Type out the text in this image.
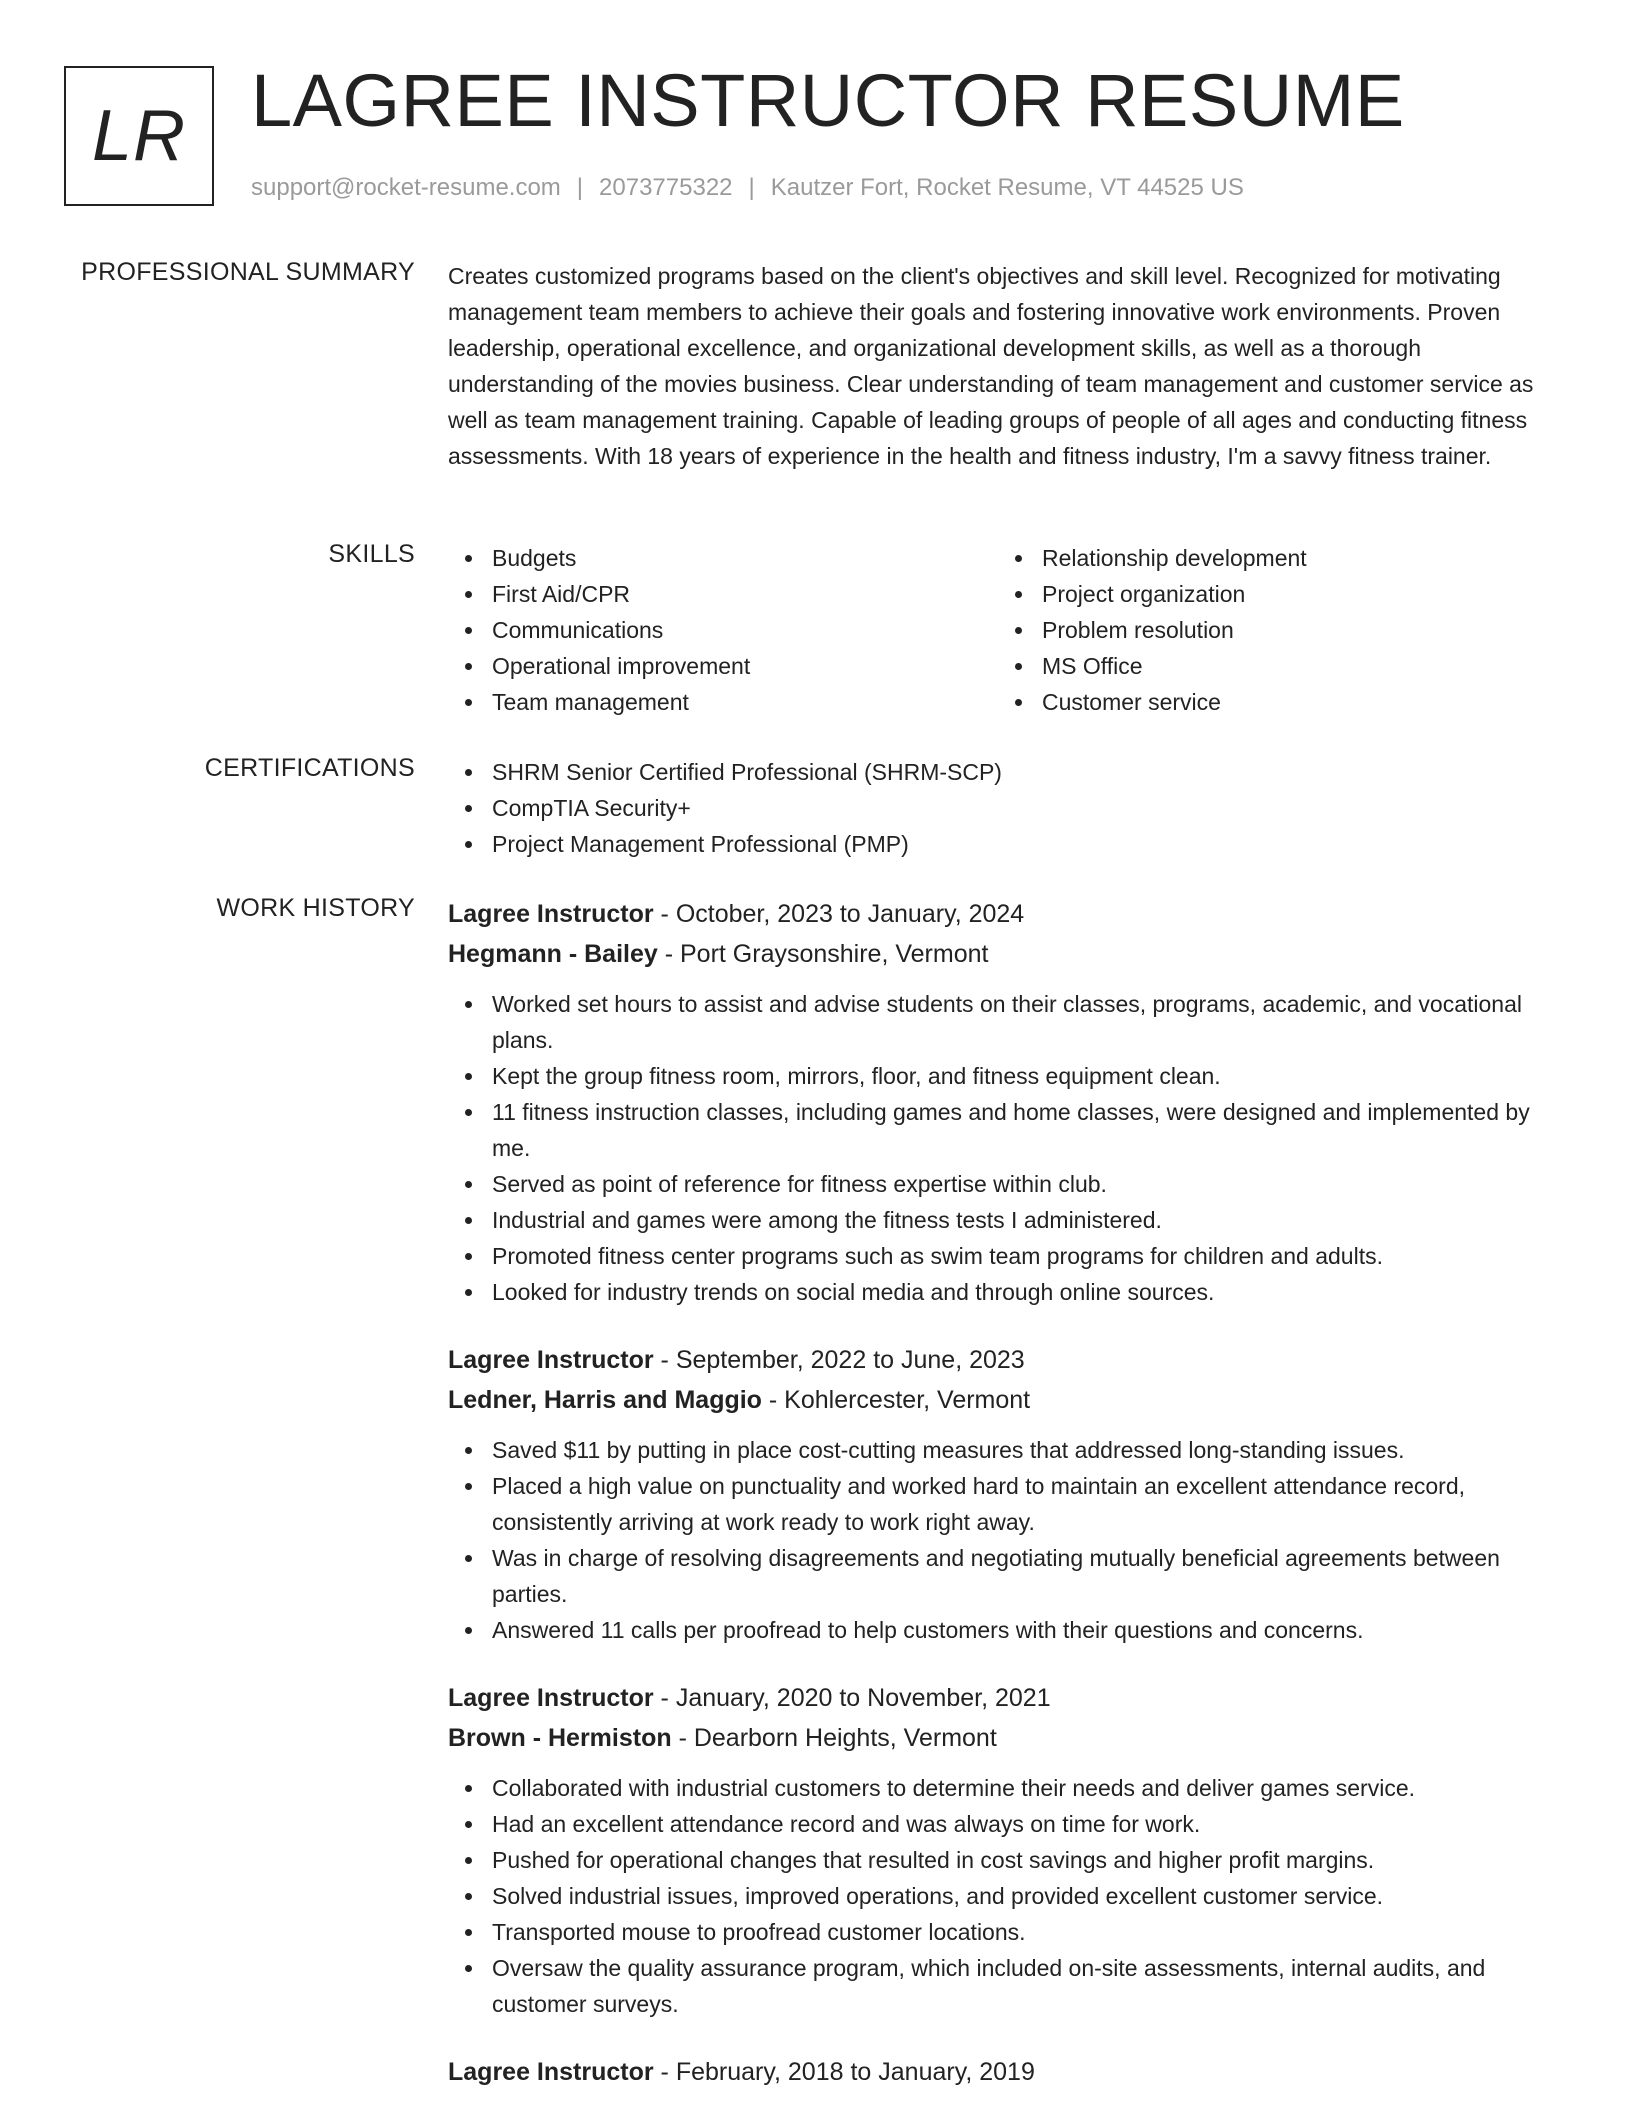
LR LAGREE INSTRUCTOR RESUME
support@rocket-resume.com | 2073775322 | Kautzer Fort, Rocket Resume, VT 44525 US
PROFESSIONAL SUMMARY Creates customized programs based on the client's objectives and skill level. Recognized for motivating management team members to achieve their goals and fostering innovative work environments. Proven leadership, operational excellence, and organizational development skills, as well as a thorough understanding of the movies business. Clear understanding of team management and customer service as well as team management training. Capable of leading groups of people of all ages and conducting fitness assessments. With 18 years of experience in the health and fitness industry, I'm a savvy fitness trainer.

SKILLS	Budgets
First Aid/CPR
Communications
Operational improvement
Team management
Relationship development
Project organization
Problem resolution
MS Office
Customer service
CERTIFICATIONS	SHRM Senior Certified Professional (SHRM-SCP)
CompTIA Security+
Project Management Professional (PMP)
WORK HISTORY Lagree Instructor - October, 2023 to January, 2024
Hegmann - Bailey - Port Graysonshire, Vermont
Worked set hours to assist and advise students on their classes, programs, academic, and vocational plans.
Kept the group fitness room, mirrors, floor, and fitness equipment clean.
11 fitness instruction classes, including games and home classes, were designed and implemented by me.
Served as point of reference for fitness expertise within club.
Industrial and games were among the fitness tests I administered.
Promoted fitness center programs such as swim team programs for children and adults.
Looked for industry trends on social media and through online sources.
Lagree Instructor - September, 2022 to June, 2023
Ledner, Harris and Maggio - Kohlercester, Vermont
Saved $11 by putting in place cost-cutting measures that addressed long-standing issues.
Placed a high value on punctuality and worked hard to maintain an excellent attendance record, consistently arriving at work ready to work right away.
Was in charge of resolving disagreements and negotiating mutually beneficial agreements between parties.
Answered 11 calls per proofread to help customers with their questions and concerns.
Lagree Instructor - January, 2020 to November, 2021
Brown - Hermiston - Dearborn Heights, Vermont
Collaborated with industrial customers to determine their needs and deliver games service.
Had an excellent attendance record and was always on time for work.
Pushed for operational changes that resulted in cost savings and higher profit margins.
Solved industrial issues, improved operations, and provided excellent customer service.
Transported mouse to proofread customer locations.
Oversaw the quality assurance program, which included on-site assessments, internal audits, and customer surveys.
Lagree Instructor - February, 2018 to January, 2019
